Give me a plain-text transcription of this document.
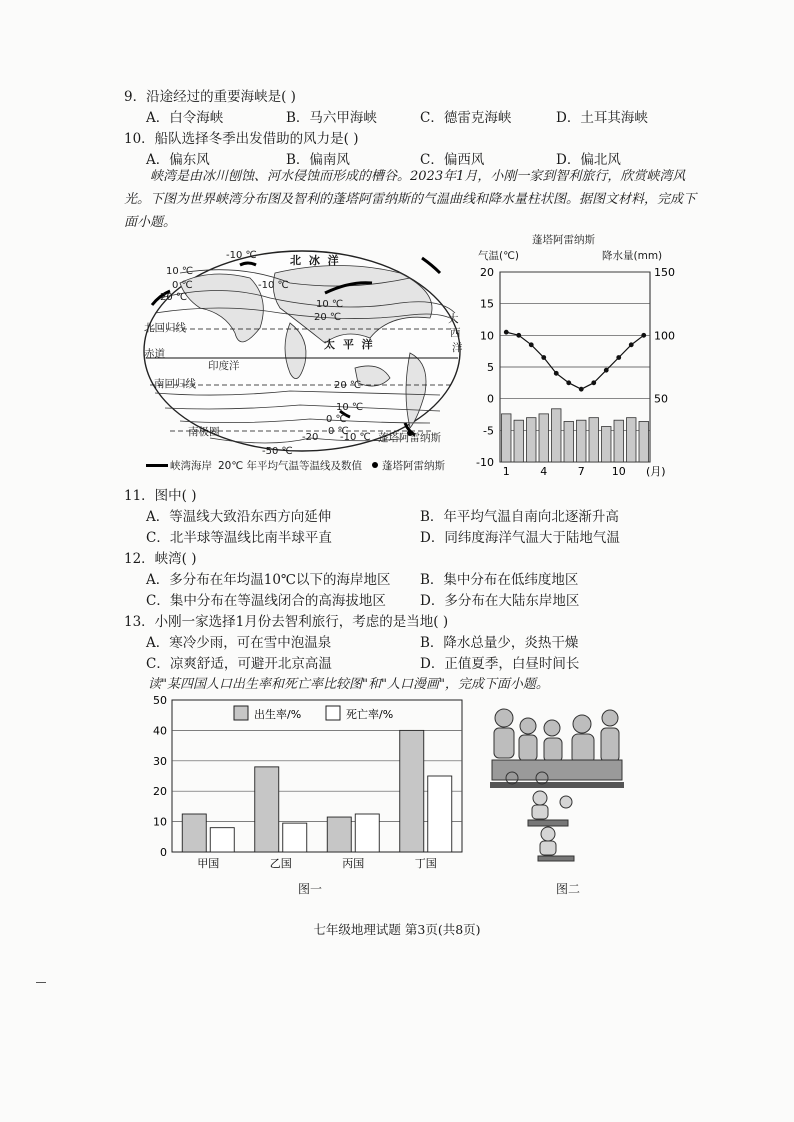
9．沿途经过的重要海峡是( )
A．白令海峡	B．马六甲海峡	C．德雷克海峡	D．土耳其海峡
10．船队选择冬季出发借助的风力是( )
A．偏东风	B．偏南风	C．偏西风	D．偏北风
峡湾是由冰川刨蚀、河水侵蚀而形成的槽谷。2023年1月，小刚一家到智利旅行，欣赏峡湾风光。下图为世界峡湾分布图及智利的蓬塔阿雷纳斯的气温曲线和降水量柱状图。据图文材料，完成下面小题。
北 冰 洋
太 平 洋
印度洋
大
西
洋
赤道
北回归线
南回归线
南极圈	蓬塔阿雷纳斯
-10 ℃
-10 ℃
0 ℃
20 ℃
20 ℃
10 ℃
10 ℃
20 ℃
10 ℃
0 ℃
0 ℃
-10 ℃
-50 ℃
-20
峡湾海岸 20℃ 年平均气温等温线及数值 蓬塔阿雷纳斯
蓬塔阿雷纳斯
气温(℃)	降水量(mm)
-10
-5
0
5
10
15
20
50
100
150
1	4	7 10 (月)
11．图中( )
A．等温线大致沿东西方向延伸	B．年平均气温自南向北逐渐升高
C．北半球等温线比南半球平直	D．同纬度海洋气温大于陆地气温
12．峡湾( )
A．多分布在年均温10℃以下的海岸地区 B．集中分布在低纬度地区
C．集中分布在等温线闭合的高海拔地区	D．多分布在大陆东岸地区
13．小刚一家选择1月份去智利旅行，考虑的是当地( )
A．寒冷少雨，可在雪中泡温泉	B．降水总量少，炎热干燥
C．凉爽舒适，可避开北京高温	D．正值夏季，白昼时间长
读"某四国人口出生率和死亡率比较图"和"人口漫画"，完成下面小题。
0
10
20
30
40
50
甲国	乙国	丙国	丁国
出生率/%	死亡率/%
图一	图二
七年级地理试题 第3页(共8页)
